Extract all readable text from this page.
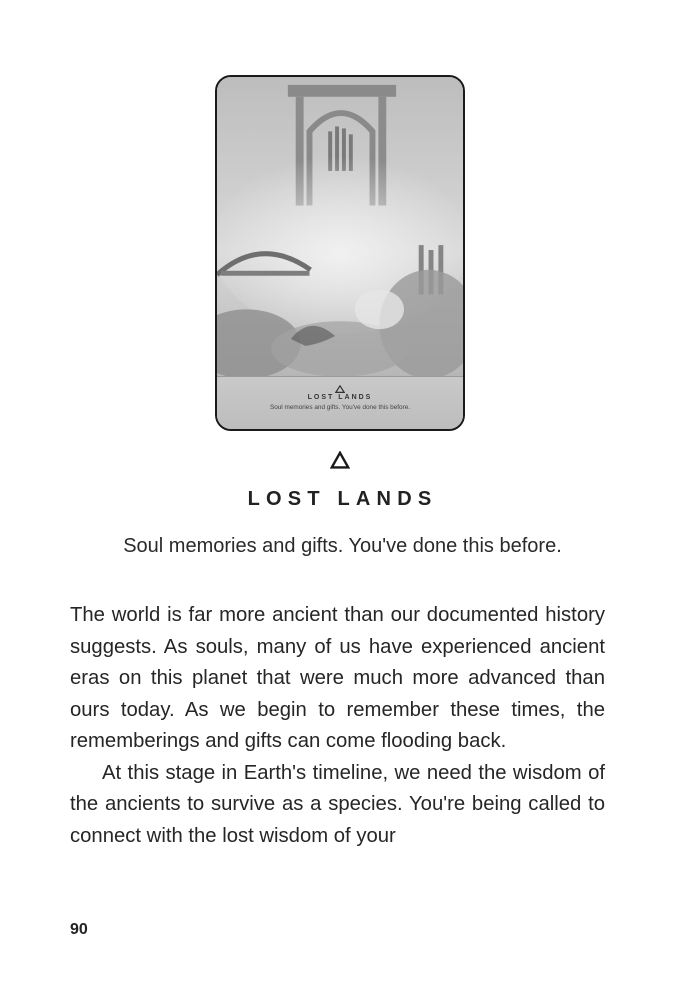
LOST LANDS
Soul memories and gifts. You've done this before.
LOST LANDS
Soul memories and gifts. You've done this before.

The world is far more ancient than our documented history suggests. As souls, many of us have experienced ancient eras on this planet that were much more advanced than ours today. As we begin to remember these times, the rememberings and gifts can come flooding back.

At this stage in Earth's timeline, we need the wisdom of the ancients to survive as a species. You're being called to connect with the lost wisdom of your

90
